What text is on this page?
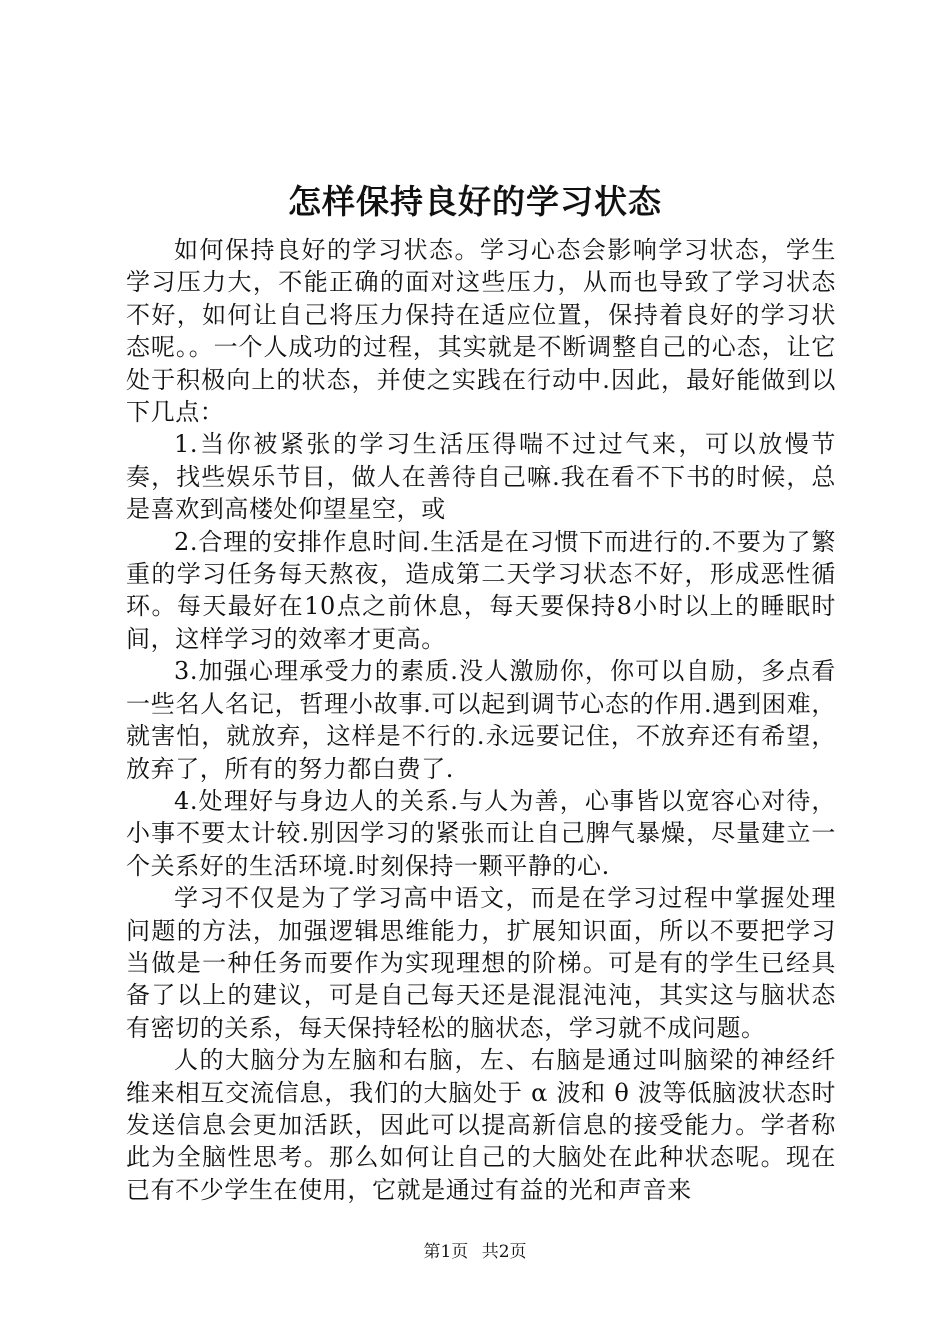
怎样保持良好的学习状态

如何保持良好的学习状态。学习心态会影响学习状态，学生学习压力大，不能正确的面对这些压力，从而也导致了学习状态不好，如何让自己将压力保持在适应位置，保持着良好的学习状态呢。。一个人成功的过程，其实就是不断调整自己的心态，让它处于积极向上的状态，并使之实践在行动中.因此，最好能做到以下几点：

1.当你被紧张的学习生活压得喘不过过气来，可以放慢节奏，找些娱乐节目，做人在善待自己嘛.我在看不下书的时候，总是喜欢到高楼处仰望星空，或

2.合理的安排作息时间.生活是在习惯下而进行的.不要为了繁重的学习任务每天熬夜，造成第二天学习状态不好，形成恶性循环。每天最好在10点之前休息，每天要保持8小时以上的睡眠时间，这样学习的效率才更高。

3.加强心理承受力的素质.没人激励你，你可以自励，多点看一些名人名记，哲理小故事.可以起到调节心态的作用.遇到困难，就害怕，就放弃，这样是不行的.永远要记住，不放弃还有希望，放弃了，所有的努力都白费了.

4.处理好与身边人的关系.与人为善，心事皆以宽容心对待，小事不要太计较.别因学习的紧张而让自己脾气暴燥，尽量建立一个关系好的生活环境.时刻保持一颗平静的心.

学习不仅是为了学习高中语文，而是在学习过程中掌握处理问题的方法，加强逻辑思维能力，扩展知识面，所以不要把学习当做是一种任务而要作为实现理想的阶梯。可是有的学生已经具备了以上的建议，可是自己每天还是混混沌沌，其实这与脑状态有密切的关系，每天保持轻松的脑状态，学习就不成问题。

人的大脑分为左脑和右脑，左、右脑是通过叫脑梁的神经纤维来相互交流信息，我们的大脑处于 α 波和 θ 波等低脑波状态时发送信息会更加活跃，因此可以提高新信息的接受能力。学者称此为全脑性思考。那么如何让自己的大脑处在此种状态呢。现在已有不少学生在使用，它就是通过有益的光和声音来

第1页 共2页
